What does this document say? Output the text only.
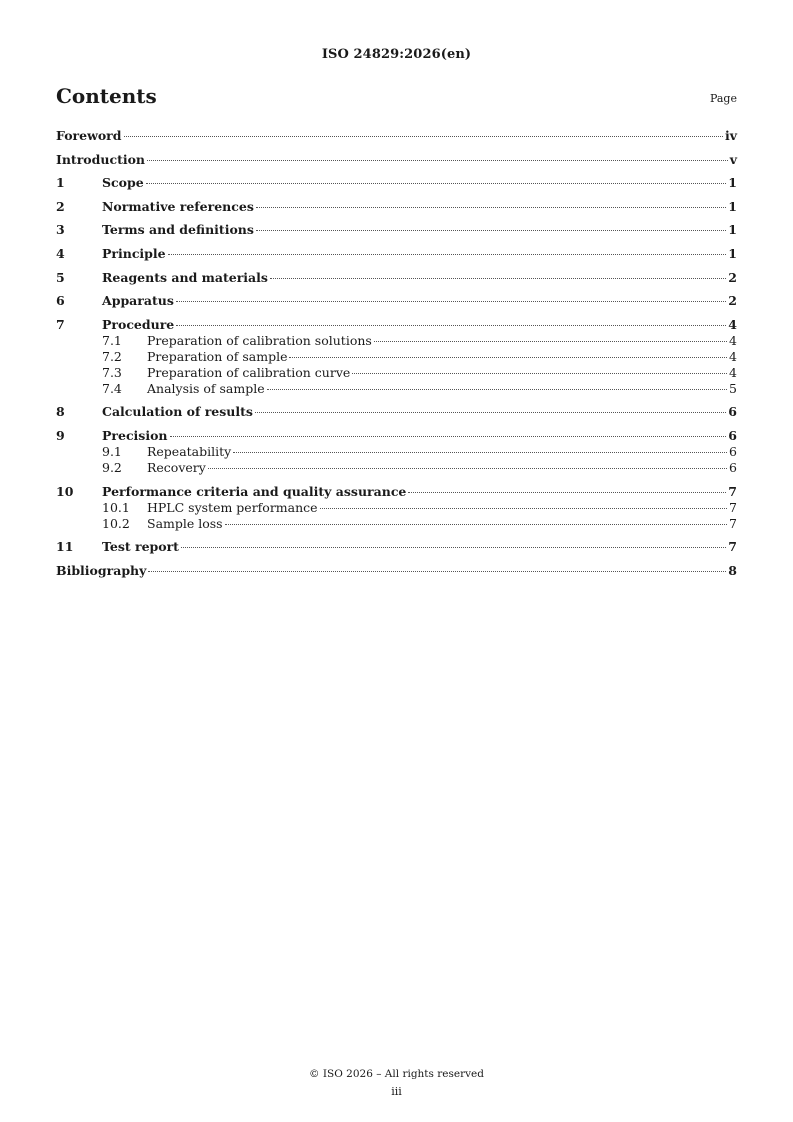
ISO 24829:2026(en)
Contents	Page
Foreword	iv
Introduction	v
1	Scope	1
2	Normative references	1
3	Terms and definitions	1
4	Principle	1
5	Reagents and materials	2
6	Apparatus	2
7	Procedure	4
7.1	Preparation of calibration solutions	4
7.2	Preparation of sample	4
7.3	Preparation of calibration curve	4
7.4	Analysis of sample	5
8	Calculation of results	6
9	Precision	6
9.1	Repeatability	6
9.2	Recovery	6
10	Performance criteria and quality assurance	7
10.1	HPLC system performance	7
10.2	Sample loss	7
11	Test report	7
Bibliography	8
© ISO 2026 – All rights reserved
iii
